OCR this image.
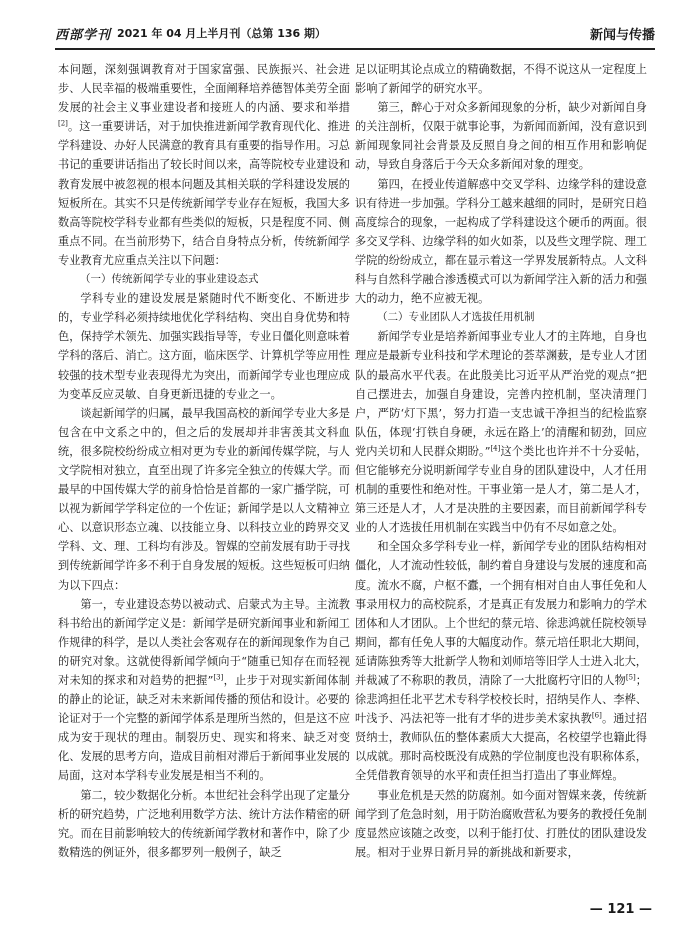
西部学刊 2021 年 04 月上半月刊（总第 136 期）	新闻与传播

本问题，深刻强调教育对于国家富强、民族振兴、社会进步、人民幸福的极端重要性，全面阐释培养德智体美劳全面发展的社会主义事业建设者和接班人的内涵、要求和举措[2]。这一重要讲话，对于加快推进新闻学教育现代化、推进学科建设、办好人民满意的教育具有重要的指导作用。习总书记的重要讲话指出了较长时间以来，高等院校专业建设和教育发展中被忽视的根本问题及其相关联的学科建设发展的短板所在。其实不只是传统新闻学专业存在短板，我国大多数高等院校学科专业都有些类似的短板，只是程度不同、侧重点不同。在当前形势下，结合自身特点分析，传统新闻学专业教育尤应重点关注以下问题：

（一）传统新闻学专业的事业建设态式

学科专业的建设发展是紧随时代不断变化、不断进步的，专业学科必须持续地优化学科结构、突出自身优势和特色，保持学术领先、加强实践指导等，专业日僵化则意味着学科的落后、消亡。这方面，临床医学、计算机学等应用性较强的技术型专业表现得尤为突出，而新闻学专业也理应成为变革反应灵敏、自身更新迅捷的专业之一。

谈起新闻学的归属，最早我国高校的新闻学专业大多是包含在中文系之中的，但之后的发展却并非害羡其文科血统，很多院校纷纷成立相对更为专业的新闻传媒学院，与人文学院相对独立，直至出现了许多完全独立的传媒大学。而最早的中国传媒大学的前身恰恰是首都的一家广播学院，可以视为新闻学学科定位的一个佐证；新闻学是以人文精神立心、以意识形态立魂、以技能立身、以科技立业的跨界交叉学科、文、理、工科均有涉及。智媒的空前发展有助于寻找到传统新闻学许多不利于自身发展的短板。这些短板可归纳为以下四点：

第一，专业建设态势以被动式、启蒙式为主导。主流教科书给出的新闻学定义是：新闻学是研究新闻事业和新闻工作规律的科学，是以人类社会客观存在的新闻现象作为自己的研究对象。这就使得新闻学倾向于“随重已知存在而轻视对未知的探求和对趋势的把握”[3]，止步于对现实新闻体制的静止的论证，缺乏对未来新闻传播的预估和设计。必要的论证对于一个完整的新闻学体系是理所当然的，但是这不应成为安于现状的理由。制裂历史、现实和将来、缺乏对变化、发展的思考方向，造成目前相对滞后于新闻事业发展的局面，这对本学科专业发展是相当不利的。

第二，较少数据化分析。本世纪社会科学出现了定量分析的研究趋势，广泛地利用数学方法、统计方法作精密的研究。而在目前影响较大的传统新闻学教材和著作中，除了少数精选的例证外，很多都罗列一般例子，缺乏

足以证明其论点成立的精确数据，不得不说这从一定程度上影响了新闻学的研究水平。

第三，醉心于对众多新闻现象的分析，缺少对新闻自身的关注剖析，仅限于就事论事，为新闻而新闻，没有意识到新闻现象同社会背景及反照自身之间的相互作用和影响促动，导致自身落后于今天众多新闻对象的理变。

第四，在授业传道解惑中交叉学科、边缘学科的建设意识有待进一步加强。学科分工越来越细的同时，是研究日趋高度综合的现象，一起构成了学科建设这个硬币的两面。很多交叉学科、边缘学科的如火如荼，以及些文理学院、理工学院的纷纷成立，都在显示着这一学界发展新特点。人文科科与自然科学融合渗透模式可以为新闻学注入新的活力和强大的动力，绝不应被无视。

（二）专业团队人才选拔任用机制

新闻学专业是培养新闻事业专业人才的主阵地，自身也理应是最新专业科技和学术理论的荟萃渊薮，是专业人才团队的最高水平代表。在此殷美比习近平从严治党的观点“把自己摆进去，加强自身建设，完善内控机制，坚决清理门户，严防‘灯下黑’，努力打造一支忠诚干净担当的纪检监察队伍，体现‘打铁自身硬，永远在路上’的清醒和韧劲，回应党内关切和人民群众期盼。”[4]这个类比也许并不十分妥帖，但它能够充分说明新闻学专业自身的团队建设中，人才任用机制的重要性和绝对性。干事业第一是人才，第二是人才，第三还是人才，人才是决胜的主要因素，而目前新闻学科专业的人才选拔任用机制在实践当中仍有不尽如意之处。

和全国众多学科专业一样，新闻学专业的团队结构相对僵化，人才流动性较低，制约着自身建设与发展的速度和高度。流水不腐，户枢不蠹，一个拥有相对自由人事任免和人事录用权力的高校院系，才是真正有发展力和影响力的学术团体和人才团队。上个世纪的蔡元培、徐悲鸿就任院校领导期间，都有任免人事的大幅度动作。蔡元培任职北大期间，延请陈独秀等大批新学人物和刘师培等旧学人士进入北大，并裁减了不称职的教员，清除了一大批腐朽守旧的人物[5]；徐悲鸿担任北平艺术专科学校校长时，招纳吴作人、李桦、叶浅予、冯法祀等一批有才华的进步美术家执教[6]。通过招贤纳士，教师队伍的整体素质大大提高，名校望学也籍此得以成就。那时高校既没有成熟的学位制度也没有职称体系，全凭借教育领导的水平和责任担当打造出了事业辉煌。

事业危机是天然的防腐剂。如今面对智媒来袭，传统新闻学到了危急时刻，用于防治腐败营私为要务的教授任免制度显然应该随之改变，以利于能打仗、打胜仗的团队建设发展。相对于业界日新月异的新挑战和新要求，

— 121 —
